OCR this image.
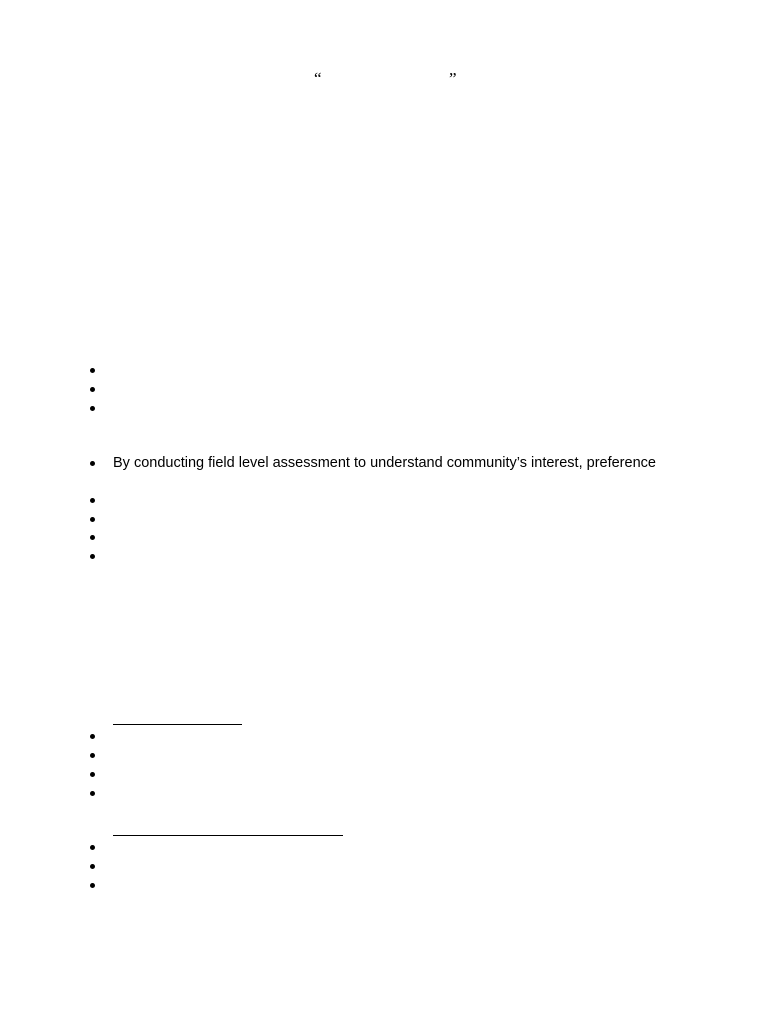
“	”
By conducting field level assessment to understand community’s interest, preference
